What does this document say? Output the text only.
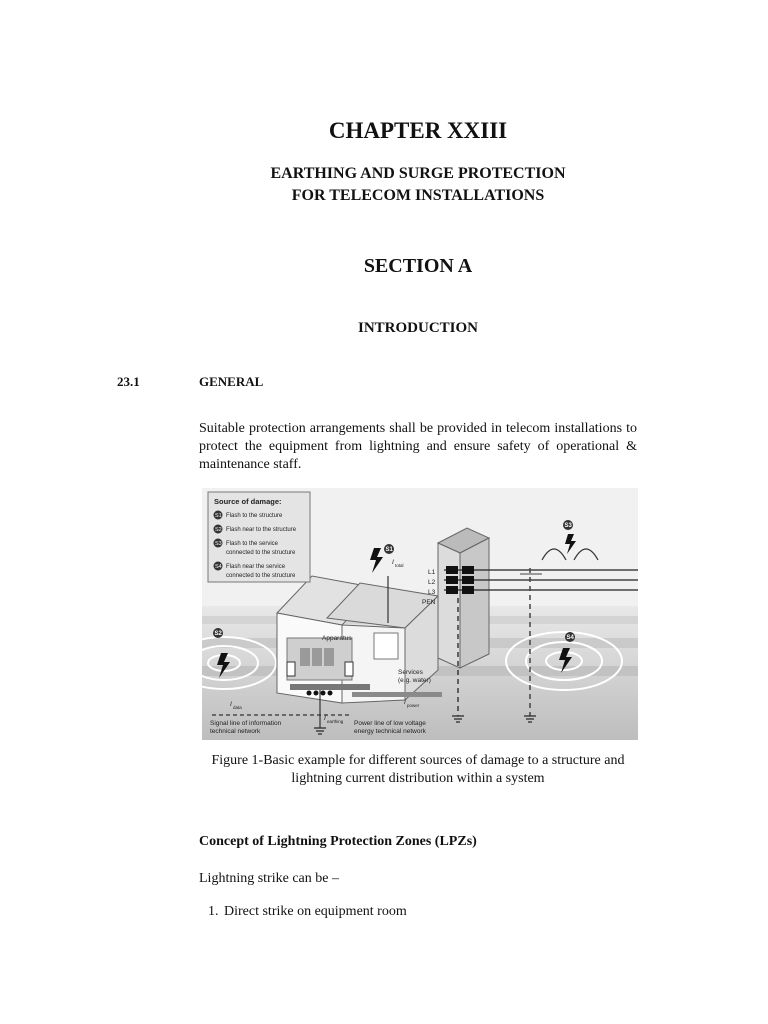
CHAPTER XXIII
EARTHING AND SURGE PROTECTION
FOR TELECOM INSTALLATIONS
SECTION A
INTRODUCTION
23.1	GENERAL
Suitable protection arrangements shall be provided in telecom installations to protect the equipment from lightning and ensure safety of operational & maintenance staff.
S1
S2
S3
S4
Source of damage:
S1
S2
S3
S4
Flash to the structure
Flash near to the structure
Flash to the service
connected to the structure
Flash near the service
connected to the structure
Apparatus
Services
(e.g. water)
L1
L2
L3
PEN
I total
I data
I earthing
I power
Signal line of information
technical network
Power line of low voltage
energy technical network
Figure 1-Basic example for different sources of damage to a structure and
lightning current distribution within a system
Concept of Lightning Protection Zones (LPZs)
Lightning strike can be –
1. Direct strike on equipment room
